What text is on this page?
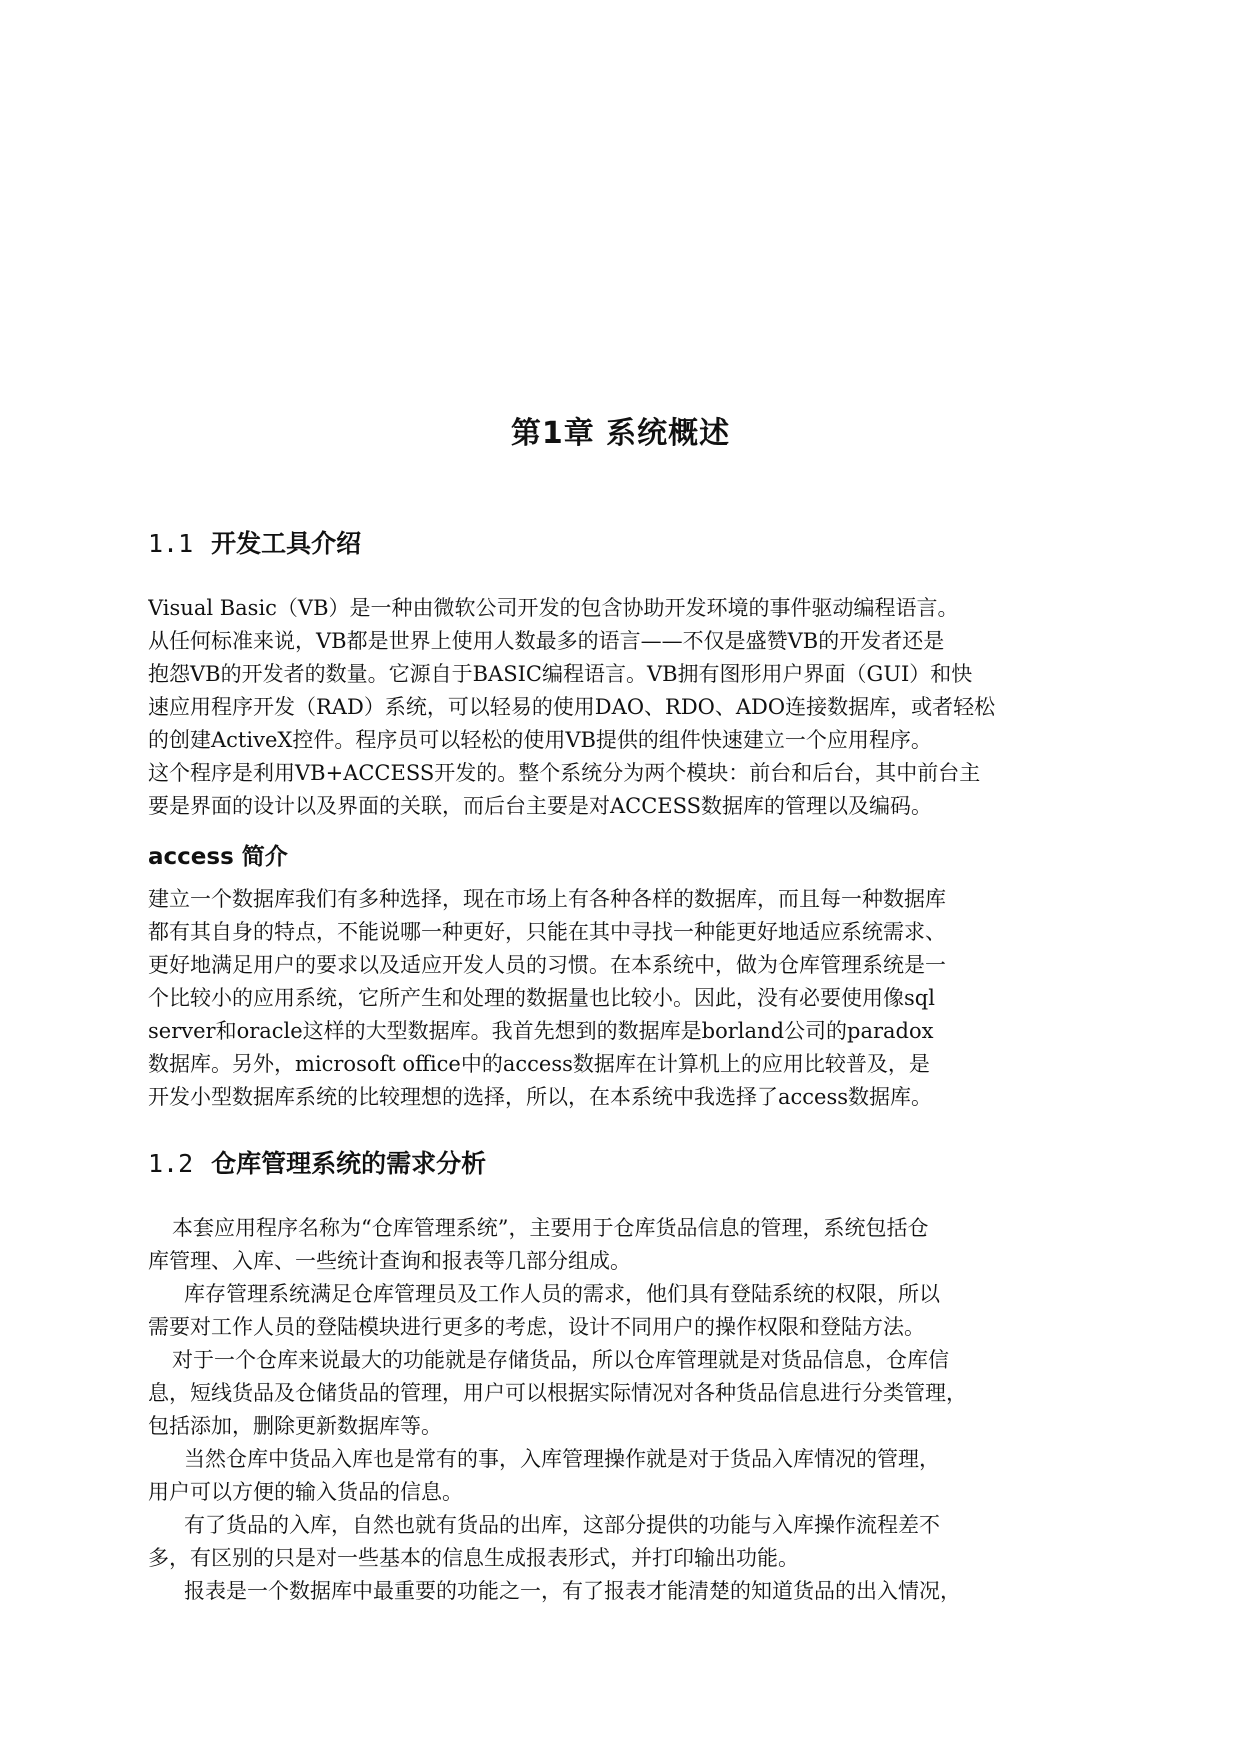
第1章 系统概述
1.1 开发工具介绍
Visual Basic（VB）是一种由微软公司开发的包含协助开发环境的事件驱动编程语言。
从任何标准来说，VB都是世界上使用人数最多的语言——不仅是盛赞VB的开发者还是
抱怨VB的开发者的数量。它源自于BASIC编程语言。VB拥有图形用户界面（GUI）和快
速应用程序开发（RAD）系统，可以轻易的使用DAO、RDO、ADO连接数据库，或者轻松
的创建ActiveX控件。程序员可以轻松的使用VB提供的组件快速建立一个应用程序。
这个程序是利用VB+ACCESS开发的。整个系统分为两个模块：前台和后台，其中前台主
要是界面的设计以及界面的关联，而后台主要是对ACCESS数据库的管理以及编码。
access 简介
建立一个数据库我们有多种选择，现在市场上有各种各样的数据库，而且每一种数据库
都有其自身的特点，不能说哪一种更好，只能在其中寻找一种能更好地适应系统需求、
更好地满足用户的要求以及适应开发人员的习惯。在本系统中，做为仓库管理系统是一
个比较小的应用系统，它所产生和处理的数据量也比较小。因此，没有必要使用像sql
server和oracle这样的大型数据库。我首先想到的数据库是borland公司的paradox
数据库。另外，microsoft office中的access数据库在计算机上的应用比较普及，是
开发小型数据库系统的比较理想的选择，所以，在本系统中我选择了access数据库。
1.2 仓库管理系统的需求分析
本套应用程序名称为“仓库管理系统”，主要用于仓库货品信息的管理，系统包括仓
库管理、入库、一些统计查询和报表等几部分组成。
库存管理系统满足仓库管理员及工作人员的需求，他们具有登陆系统的权限，所以
需要对工作人员的登陆模块进行更多的考虑，设计不同用户的操作权限和登陆方法。
对于一个仓库来说最大的功能就是存储货品，所以仓库管理就是对货品信息，仓库信
息，短线货品及仓储货品的管理，用户可以根据实际情况对各种货品信息进行分类管理，
包括添加，删除更新数据库等。
当然仓库中货品入库也是常有的事，入库管理操作就是对于货品入库情况的管理，
用户可以方便的输入货品的信息。
有了货品的入库，自然也就有货品的出库，这部分提供的功能与入库操作流程差不
多，有区别的只是对一些基本的信息生成报表形式，并打印输出功能。
报表是一个数据库中最重要的功能之一，有了报表才能清楚的知道货品的出入情况，
